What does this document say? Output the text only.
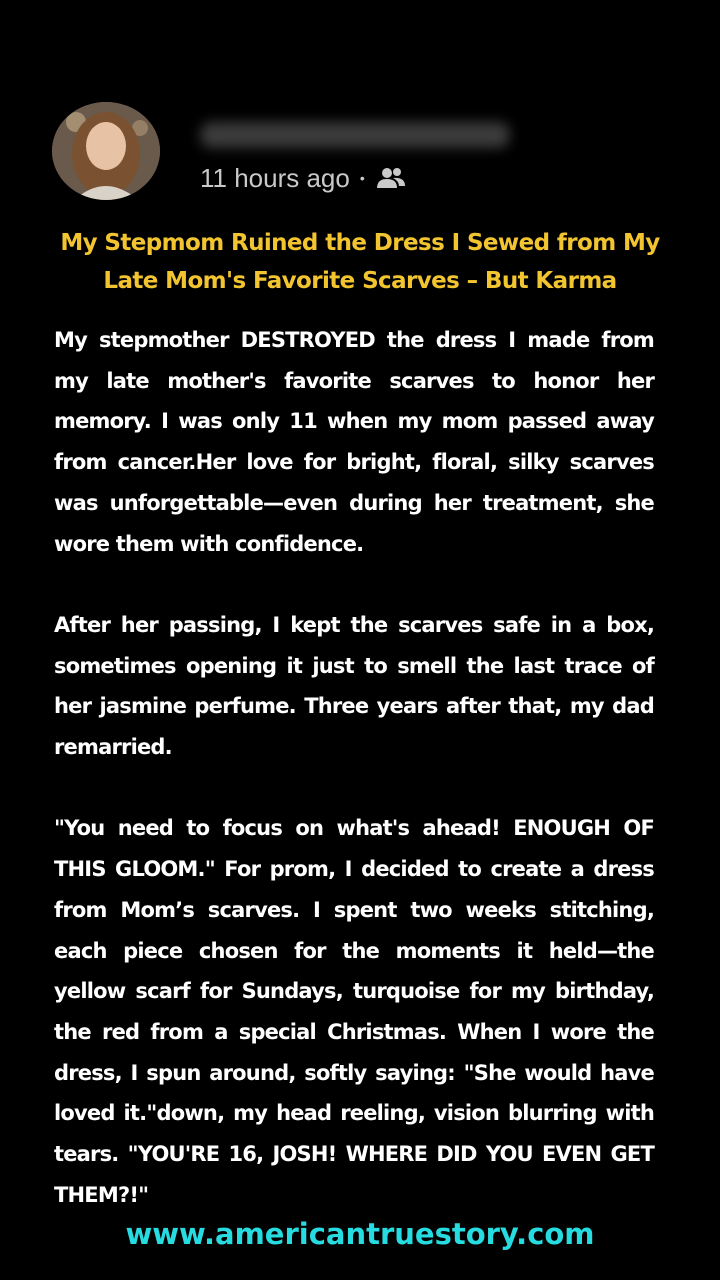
11 hours ago •
My Stepmom Ruined the Dress I Sewed from My Late Mom's Favorite Scarves – But Karma

My stepmother DESTROYED the dress I made from my late mother's favorite scarves to honor her memory. I was only 11 when my mom passed away from cancer.Her love for bright, floral, silky scarves was unforgettable—even during her treatment, she wore them with confidence.

After her passing, I kept the scarves safe in a box, sometimes opening it just to smell the last trace of her jasmine perfume. Three years after that, my dad remarried.

"You need to focus on what's ahead! ENOUGH OF THIS GLOOM." For prom, I decided to create a dress from Mom’s scarves. I spent two weeks stitching, each piece chosen for the moments it held—the yellow scarf for Sundays, turquoise for my birthday, the red from a special Christmas. When I wore the dress, I spun around, softly saying: "She would have loved it."down, my head reeling, vision blurring with tears. "YOU'RE 16, JOSH! WHERE DID YOU EVEN GET THEM?!"

www.americantruestory.com
